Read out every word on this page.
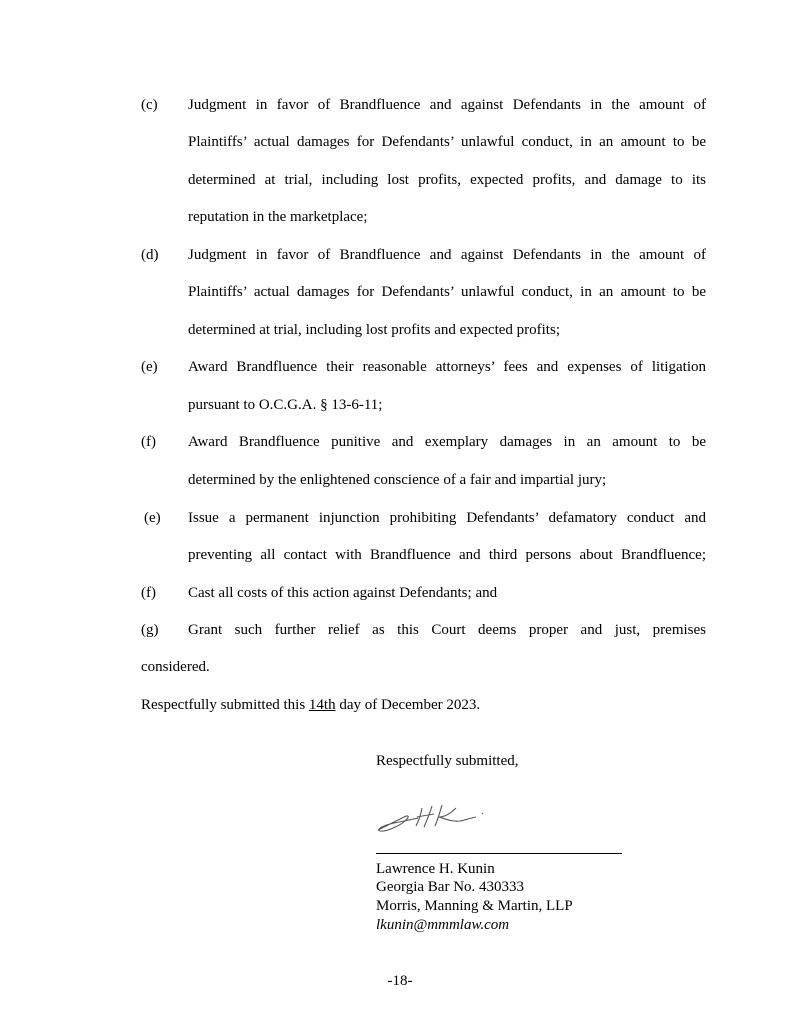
(c) Judgment in favor of Brandfluence and against Defendants in the amount of
Plaintiffs’ actual damages for Defendants’ unlawful conduct, in an amount to be
determined at trial, including lost profits, expected profits, and damage to its
reputation in the marketplace;
(d) Judgment in favor of Brandfluence and against Defendants in the amount of
Plaintiffs’ actual damages for Defendants’ unlawful conduct, in an amount to be
determined at trial, including lost profits and expected profits;
(e) Award Brandfluence their reasonable attorneys’ fees and expenses of litigation
pursuant to O.C.G.A. § 13-6-11;
(f) Award Brandfluence punitive and exemplary damages in an amount to be
determined by the enlightened conscience of a fair and impartial jury;
(e) Issue a permanent injunction prohibiting Defendants’ defamatory conduct and
preventing all contact with Brandfluence and third persons about Brandfluence;
(f) Cast all costs of this action against Defendants; and
(g) Grant such further relief as this Court deems proper and just, premises
considered.
Respectfully submitted this 14th day of December 2023.
Respectfully submitted,
Lawrence H. Kunin
Georgia Bar No. 430333
Morris, Manning & Martin, LLP
lkunin@mmmlaw.com
-18-
